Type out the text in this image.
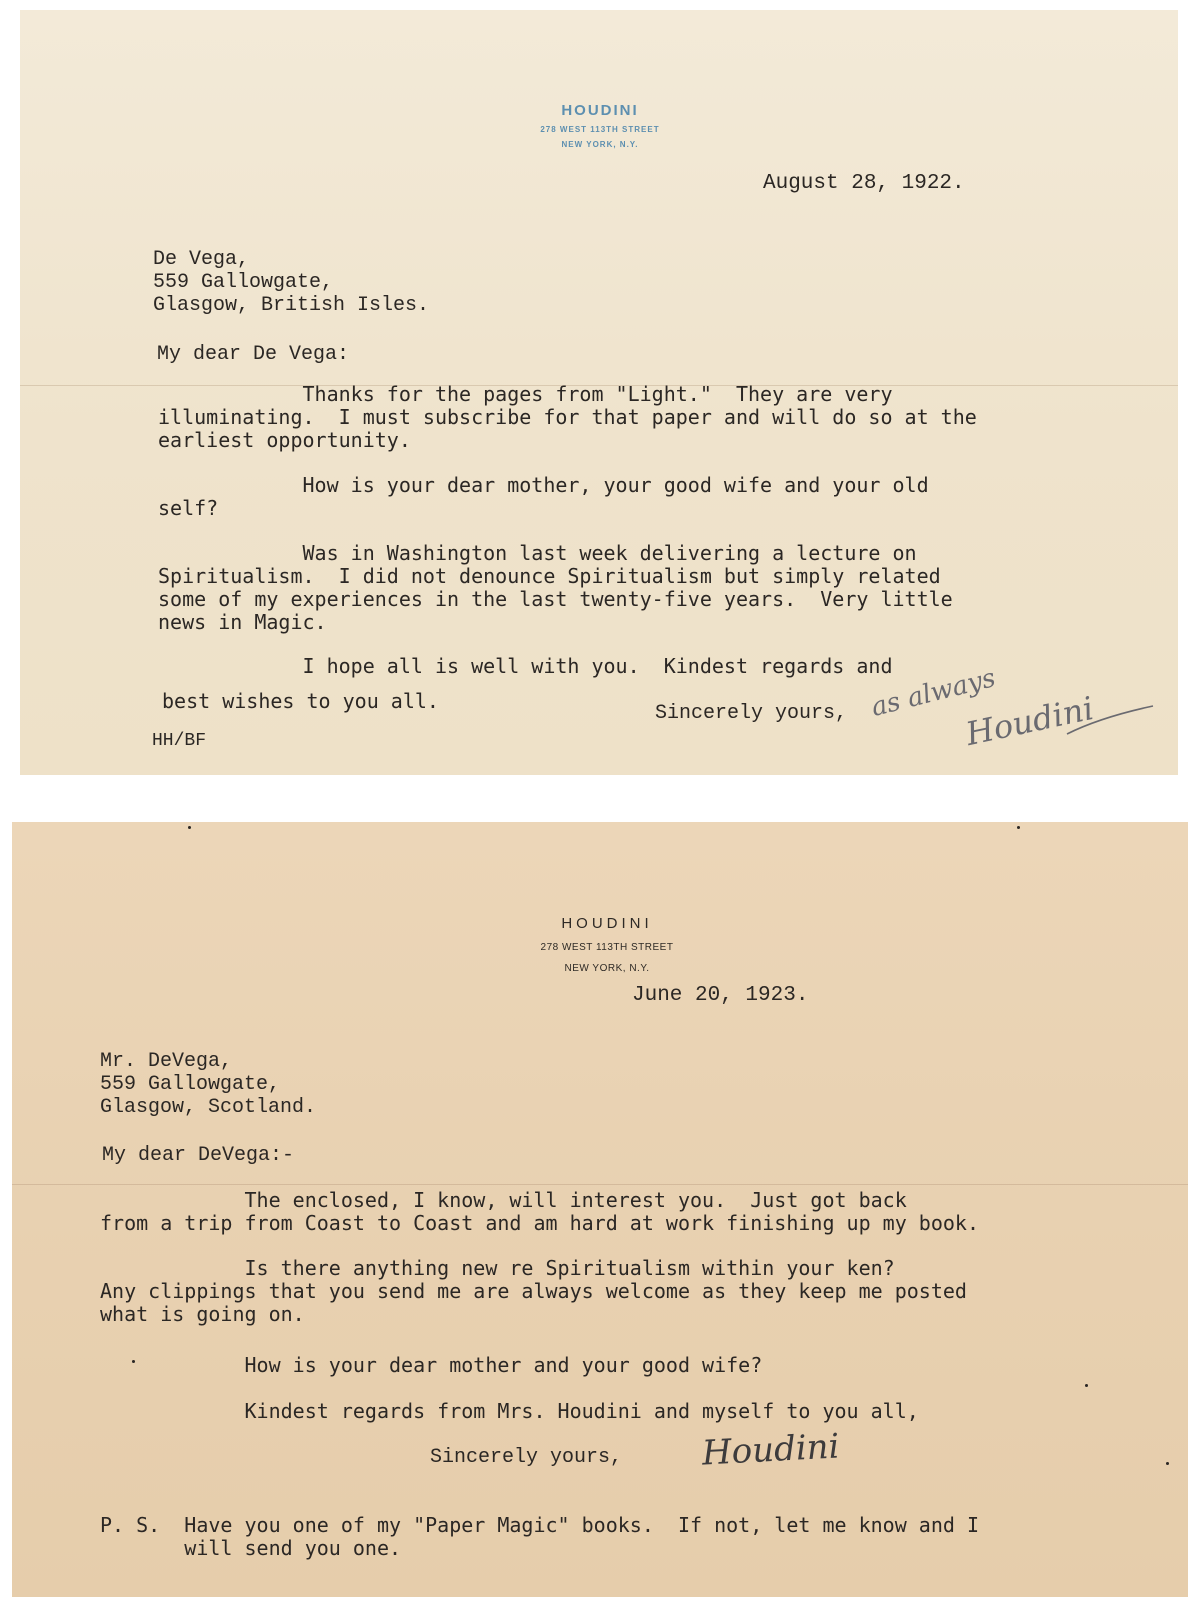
HOUDINI
278 WEST 113TH STREET
NEW YORK, N.Y.
August 28, 1922.
De Vega,
559 Gallowgate,
Glasgow, British Isles.
My dear De Vega:
Thanks for the pages from "Light."  They are very
illuminating.  I must subscribe for that paper and will do so at the
earliest opportunity.
How is your dear mother, your good wife and your old
self?
Was in Washington last week delivering a lecture on
Spiritualism.  I did not denounce Spiritualism but simply related
some of my experiences in the last twenty-five years.  Very little
news in Magic.
I hope all is well with you.  Kindest regards and
best wishes to you all.
Sincerely yours, as always
Houdini
HH/BF
HOUDINI
278 WEST 113TH STREET
NEW YORK, N.Y.
June 20, 1923.
Mr. DeVega,
559 Gallowgate,
Glasgow, Scotland.
My dear DeVega:-
The enclosed, I know, will interest you.  Just got back
from a trip from Coast to Coast and am hard at work finishing up my book.
Is there anything new re Spiritualism within your ken?
Any clippings that you send me are always welcome as they keep me posted
what is going on.
How is your dear mother and your good wife?
Kindest regards from Mrs. Houdini and myself to you all,
Sincerely yours, Houdini
P. S.  Have you one of my "Paper Magic" books.  If not, let me know and I
will send you one.
